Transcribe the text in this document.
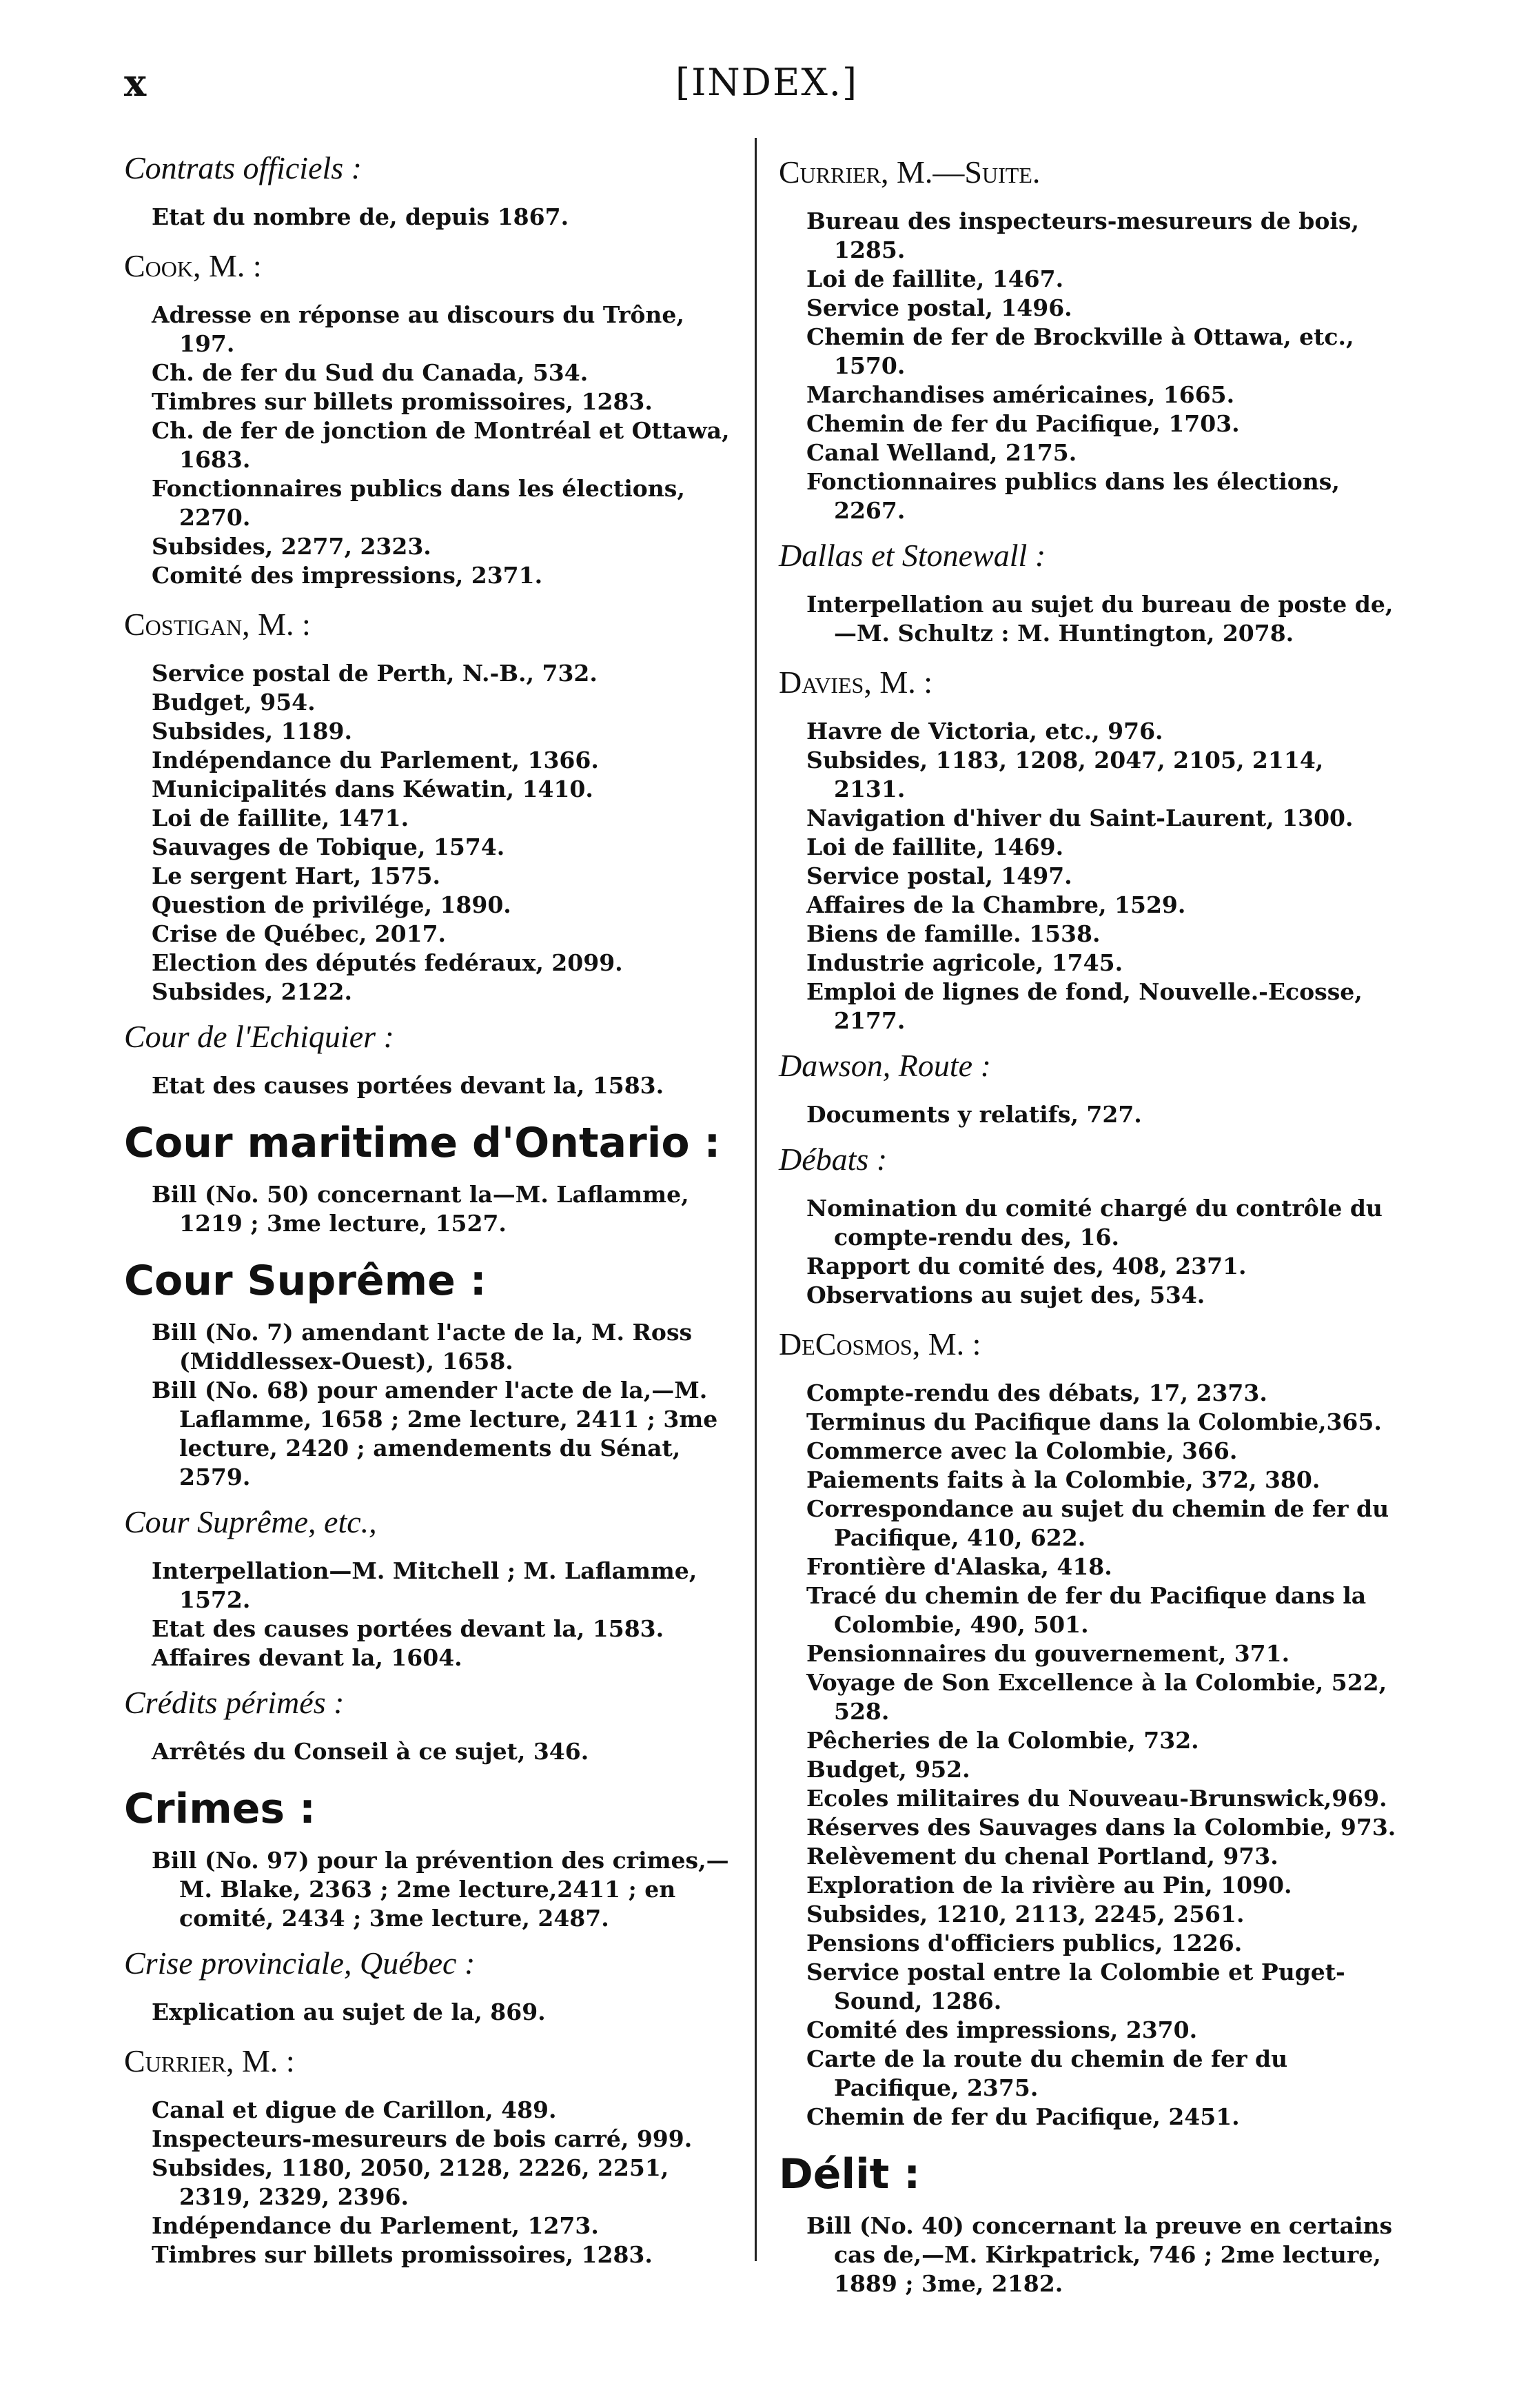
x	[INDEX.]
Contrats officiels :
Etat du nombre de, depuis 1867.
Cook, M. :
Adresse en réponse au discours du Trône, 197.
Ch. de fer du Sud du Canada, 534.
Timbres sur billets promissoires, 1283.
Ch. de fer de jonction de Montréal et Ottawa, 1683.
Fonctionnaires publics dans les élections, 2270.
Subsides, 2277, 2323.
Comité des impressions, 2371.
Costigan, M. :
Service postal de Perth, N.-B., 732.
Budget, 954.
Subsides, 1189.
Indépendance du Parlement, 1366.
Municipalités dans Kéwatin, 1410.
Loi de faillite, 1471.
Sauvages de Tobique, 1574.
Le sergent Hart, 1575.
Question de privilége, 1890.
Crise de Québec, 2017.
Election des députés fedéraux, 2099.
Subsides, 2122.
Cour de l'Echiquier :
Etat des causes portées devant la, 1583.
Cour maritime d'Ontario :
Bill (No. 50) concernant la—M. Laflamme, 1219 ; 3me lecture, 1527.
Cour Suprême :
Bill (No. 7) amendant l'acte de la, M. Ross (Middlessex-Ouest), 1658.
Bill (No. 68) pour amender l'acte de la,—M. Laflamme, 1658 ; 2me lecture, 2411 ; 3me lecture, 2420 ; amendements du Sénat, 2579.
Cour Suprême, etc.,
Interpellation—M. Mitchell ; M. Laflamme, 1572.
Etat des causes portées devant la, 1583.
Affaires devant la, 1604.
Crédits périmés :
Arrêtés du Conseil à ce sujet, 346.
Crimes :
Bill (No. 97) pour la prévention des crimes,—M. Blake, 2363 ; 2me lecture,2411 ; en comité, 2434 ; 3me lecture, 2487.
Crise provinciale, Québec :
Explication au sujet de la, 869.
Currier, M. :
Canal et digue de Carillon, 489.
Inspecteurs-mesureurs de bois carré, 999.
Subsides, 1180, 2050, 2128, 2226, 2251, 2319, 2329, 2396.
Indépendance du Parlement, 1273.
Timbres sur billets promissoires, 1283.
Currier, M.—Suite.
Bureau des inspecteurs-mesureurs de bois, 1285.
Loi de faillite, 1467.
Service postal, 1496.
Chemin de fer de Brockville à Ottawa, etc., 1570.
Marchandises américaines, 1665.
Chemin de fer du Pacifique, 1703.
Canal Welland, 2175.
Fonctionnaires publics dans les élections, 2267.
Dallas et Stonewall :
Interpellation au sujet du bureau de poste de,—M. Schultz : M. Huntington, 2078.
Davies, M. :
Havre de Victoria, etc., 976.
Subsides, 1183, 1208, 2047, 2105, 2114, 2131.
Navigation d'hiver du Saint-Laurent, 1300.
Loi de faillite, 1469.
Service postal, 1497.
Affaires de la Chambre, 1529.
Biens de famille. 1538.
Industrie agricole, 1745.
Emploi de lignes de fond, Nouvelle.-Ecosse, 2177.
Dawson, Route :
Documents y relatifs, 727.
Débats :
Nomination du comité chargé du contrôle du compte-rendu des, 16.
Rapport du comité des, 408, 2371.
Observations au sujet des, 534.
DeCosmos, M. :
Compte-rendu des débats, 17, 2373.
Terminus du Pacifique dans la Colombie,365.
Commerce avec la Colombie, 366.
Paiements faits à la Colombie, 372, 380.
Correspondance au sujet du chemin de fer du Pacifique, 410, 622.
Frontière d'Alaska, 418.
Tracé du chemin de fer du Pacifique dans la Colombie, 490, 501.
Pensionnaires du gouvernement, 371.
Voyage de Son Excellence à la Colombie, 522, 528.
Pêcheries de la Colombie, 732.
Budget, 952.
Ecoles militaires du Nouveau-Brunswick,969.
Réserves des Sauvages dans la Colombie, 973.
Relèvement du chenal Portland, 973.
Exploration de la rivière au Pin, 1090.
Subsides, 1210, 2113, 2245, 2561.
Pensions d'officiers publics, 1226.
Service postal entre la Colombie et Puget-Sound, 1286.
Comité des impressions, 2370.
Carte de la route du chemin de fer du Pacifique, 2375.
Chemin de fer du Pacifique, 2451.
Délit :
Bill (No. 40) concernant la preuve en certains cas de,—M. Kirkpatrick, 746 ; 2me lecture, 1889 ; 3me, 2182.
